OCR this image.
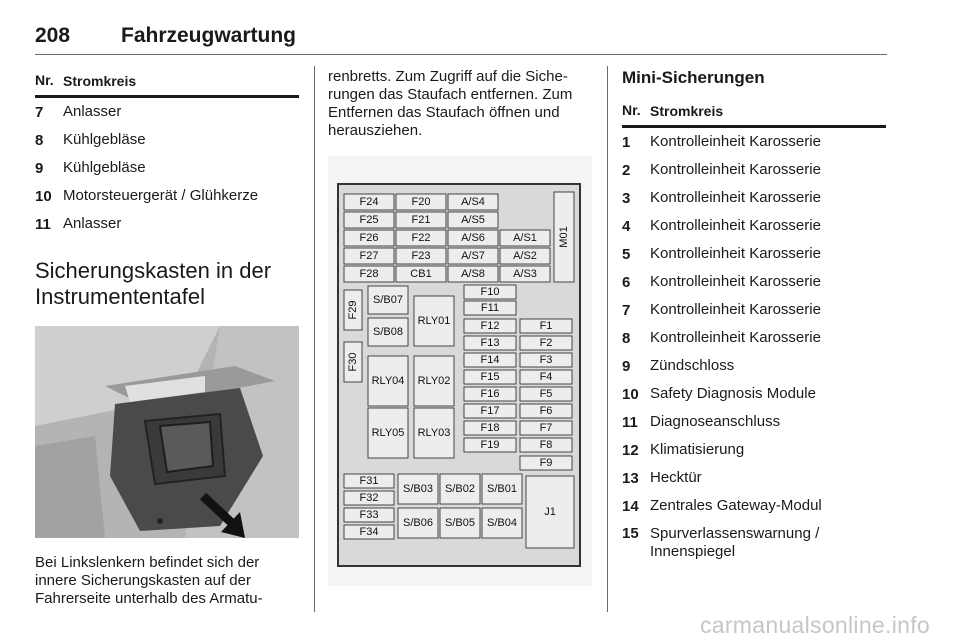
208 Fahrzeugwartung
Nr. Stromkreis
7	Anlasser
8	Kühlgebläse
9	Kühlgebläse
10 Motorsteuergerät / Glühkerze
11 Anlasser
Sicherungskasten in der
Instrumententafel
Bei Linkslenkern befindet sich der
innere Sicherungskasten auf der
Fahrerseite unterhalb des Armatu-
renbretts. Zum Zugriff auf die Siche-
rungen das Staufach entfernen. Zum
Entfernen das Staufach öffnen und
herausziehen.
F24	F20	A/S4
F25	F21	A/S5
F26	F22	A/S6	A/S1
F27	F23	A/S7	A/S2
F28	CB1	A/S8	A/S3
M01
F29
F30
S/B07
S/B08
RLY01
RLY04 RLY02
RLY05 RLY03
F10
F11
F12	F1
F13	F2
F14	F3
F15	F4
F16	F5
F17	F6
F18	F7
F19	F8
F9
F31
F32
F33
F34
S/B03 S/B02 S/B01
S/B06 S/B05 S/B04
J1
Mini-Sicherungen
Nr. Stromkreis
1	Kontrolleinheit Karosserie
2	Kontrolleinheit Karosserie
3	Kontrolleinheit Karosserie
4	Kontrolleinheit Karosserie
5	Kontrolleinheit Karosserie
6	Kontrolleinheit Karosserie
7	Kontrolleinheit Karosserie
8	Kontrolleinheit Karosserie
9	Zündschloss
10 Safety Diagnosis Module
11 Diagnoseanschluss
12 Klimatisierung
13 Hecktür
14 Zentrales Gateway-Modul
15 Spurverlassenswarnung /
Innenspiegel
carmanualsonline.info
